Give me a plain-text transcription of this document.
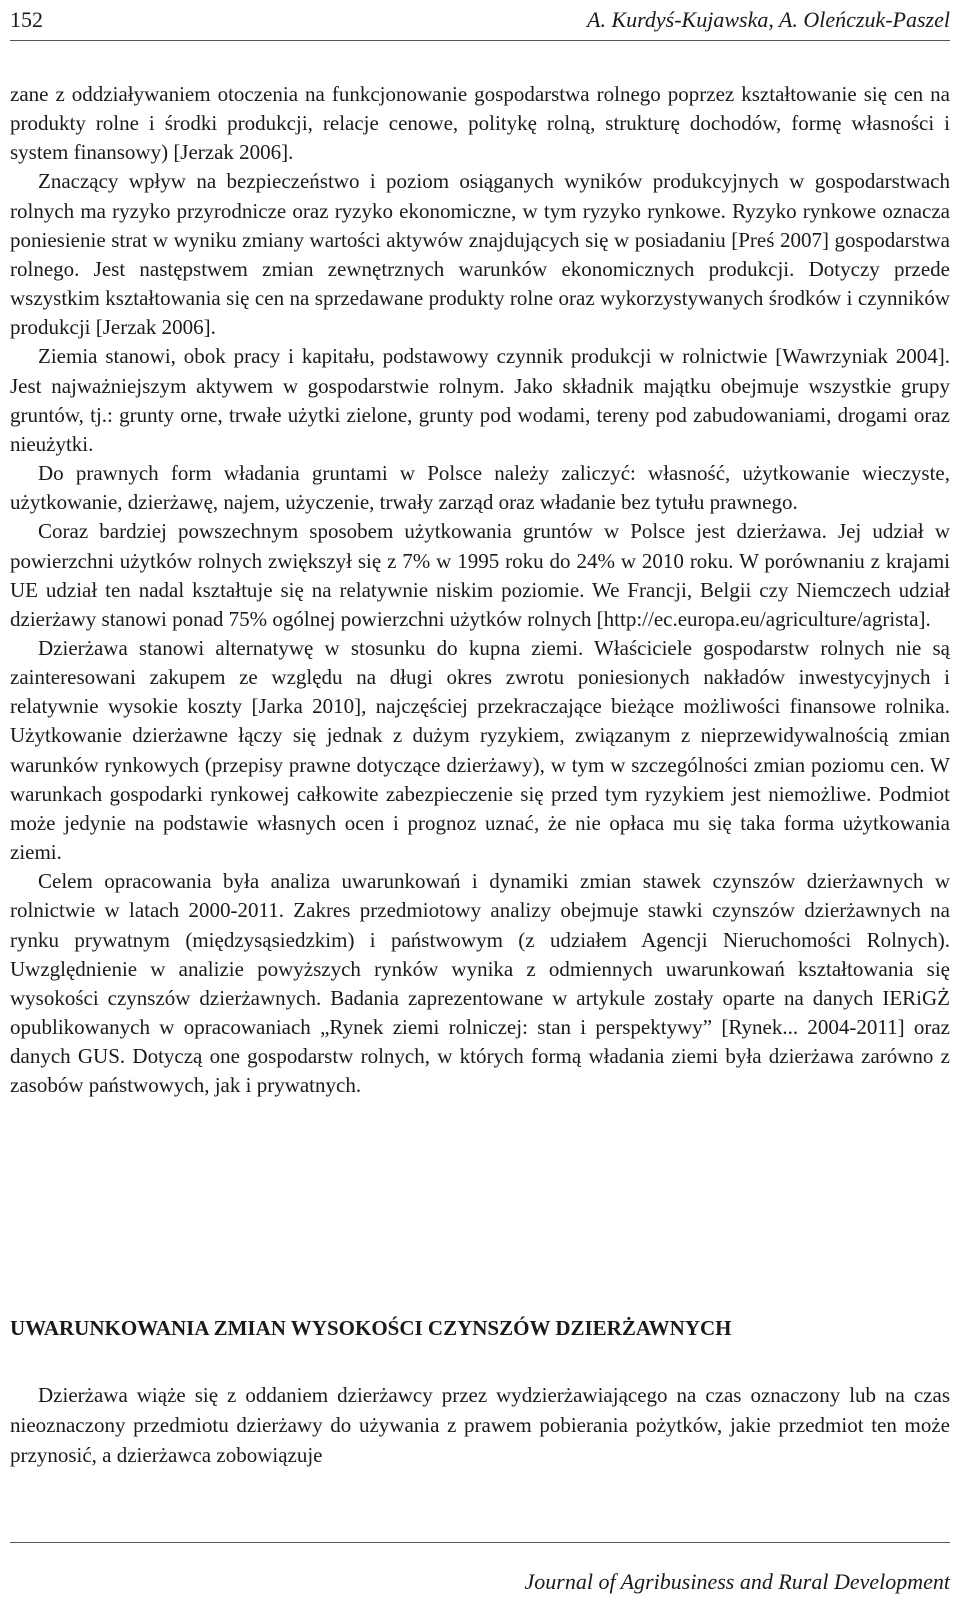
152	A. Kurdyś-Kujawska, A. Oleńczuk-Paszel

zane z oddziaływaniem otoczenia na funkcjonowanie gospodarstwa rolnego poprzez kształtowanie się cen na produkty rolne i środki produkcji, relacje cenowe, politykę rolną, strukturę dochodów, formę własności i system finansowy) [Jerzak 2006].

Znaczący wpływ na bezpieczeństwo i poziom osiąganych wyników produkcyjnych w gospodarstwach rolnych ma ryzyko przyrodnicze oraz ryzyko ekonomiczne, w tym ryzyko rynkowe. Ryzyko rynkowe oznacza poniesienie strat w wyniku zmiany wartości aktywów znajdujących się w posiadaniu [Preś 2007] gospodarstwa rolnego. Jest następstwem zmian zewnętrznych warunków ekonomicznych produkcji. Dotyczy przede wszystkim kształtowania się cen na sprzedawane produkty rolne oraz wykorzystywanych środków i czynników produkcji [Jerzak 2006].

Ziemia stanowi, obok pracy i kapitału, podstawowy czynnik produkcji w rolnictwie [Wawrzyniak 2004]. Jest najważniejszym aktywem w gospodarstwie rolnym. Jako składnik majątku obejmuje wszystkie grupy gruntów, tj.: grunty orne, trwałe użytki zielone, grunty pod wodami, tereny pod zabudowaniami, drogami oraz nieużytki.

Do prawnych form władania gruntami w Polsce należy zaliczyć: własność, użytkowanie wieczyste, użytkowanie, dzierżawę, najem, użyczenie, trwały zarząd oraz władanie bez tytułu prawnego.

Coraz bardziej powszechnym sposobem użytkowania gruntów w Polsce jest dzierżawa. Jej udział w powierzchni użytków rolnych zwiększył się z 7% w 1995 roku do 24% w 2010 roku. W porównaniu z krajami UE udział ten nadal kształtuje się na relatywnie niskim poziomie. We Francji, Belgii czy Niemczech udział dzierżawy stanowi ponad 75% ogólnej powierzchni użytków rolnych [http://ec.europa.eu/agriculture/agrista].

Dzierżawa stanowi alternatywę w stosunku do kupna ziemi. Właściciele gospodarstw rolnych nie są zainteresowani zakupem ze względu na długi okres zwrotu poniesionych nakładów inwestycyjnych i relatywnie wysokie koszty [Jarka 2010], najczęściej przekraczające bieżące możliwości finansowe rolnika. Użytkowanie dzierżawne łączy się jednak z dużym ryzykiem, związanym z nieprzewidywalnością zmian warunków rynkowych (przepisy prawne dotyczące dzierżawy), w tym w szczególności zmian poziomu cen. W warunkach gospodarki rynkowej całkowite zabezpieczenie się przed tym ryzykiem jest niemożliwe. Podmiot może jedynie na podstawie własnych ocen i prognoz uznać, że nie opłaca mu się taka forma użytkowania ziemi.

Celem opracowania była analiza uwarunkowań i dynamiki zmian stawek czynszów dzierżawnych w rolnictwie w latach 2000-2011. Zakres przedmiotowy analizy obejmuje stawki czynszów dzierżawnych na rynku prywatnym (międzysąsiedzkim) i państwowym (z udziałem Agencji Nieruchomości Rolnych). Uwzględnienie w analizie powyższych rynków wynika z odmiennych uwarunkowań kształtowania się wysokości czynszów dzierżawnych. Badania zaprezentowane w artykule zostały oparte na danych IERiGŻ opublikowanych w opracowaniach „Rynek ziemi rolniczej: stan i perspektywy” [Rynek... 2004-2011] oraz danych GUS. Dotyczą one gospodarstw rolnych, w których formą władania ziemi była dzierżawa zarówno z zasobów państwowych, jak i prywatnych.

UWARUNKOWANIA ZMIAN WYSOKOŚCI CZYNSZÓW DZIERŻAWNYCH

Dzierżawa wiąże się z oddaniem dzierżawcy przez wydzierżawiającego na czas oznaczony lub na czas nieoznaczony przedmiotu dzierżawy do używania z prawem pobierania pożytków, jakie przedmiot ten może przynosić, a dzierżawca zobowiązuje

Journal of Agribusiness and Rural Development
